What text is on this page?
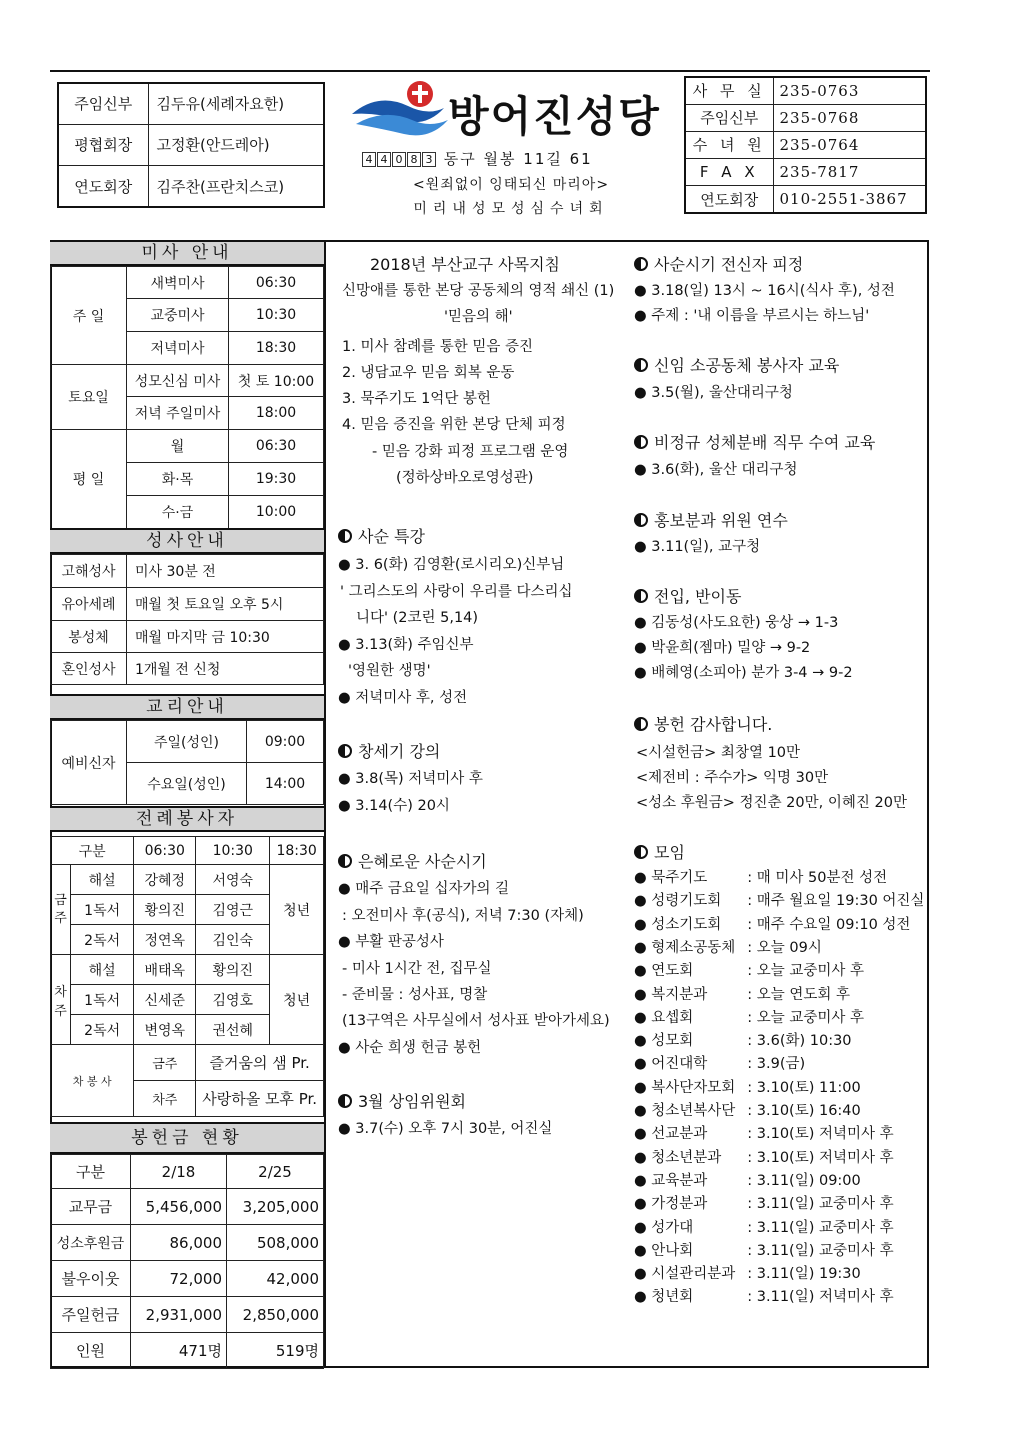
주임신부	김두유(세례자요한)
평협회장	고정환(안드레아)
연도회장	김주찬(프란치스코)
방어진성당
4 4 0 8 3 동구 월봉 11길 61
<원죄없이 잉태되신 마리아>
미리내성모성심수녀회
사 무 실	235-0763
주임신부	235-0768
수 녀 원	235-0764
F A X	235-7817
연도회장	010-2551-3867
미사 안내
주 일	새벽미사	06:30
	교중미사	10:30
	저녁미사	18:30
토요일	성모신심 미사	첫 토 10:00
	저녁 주일미사	18:00
평 일	월	06:30
	화·목	19:30
	수·금	10:00
성사안내
고해성사	미사 30분 전
유아세례	매월 첫 토요일 오후 5시
봉성체	매월 마지막 금 10:30
혼인성사	1개월 전 신청
교리안내
예비신자	주일(성인)	09:00
	수요일(성인)	14:00
전례봉사자
구분		06:30	10:30	18:30
금주	해설	강혜정	서영숙	청년
	1독서	황의진	김영근	
	2독서	정연옥	김인숙	
차주	해설	배태옥	황의진	청년
	1독서	신세준	김영호	
	2독서	변영옥	권선혜	
차 봉 사		금주	즐거움의 샘 Pr.	
		차주	사랑하올 모후 Pr.	
봉헌금 현황
구분	2/18	2/25
교무금	5,456,000	3,205,000
성소후원금	86,000	508,000
불우이웃	72,000	42,000
주일헌금	2,931,000	2,850,000
인원	471명	519명
2018년 부산교구 사목지침
신망애를 통한 본당 공동체의 영적 쇄신 (1)
'믿음의 해'
1. 미사 참례를 통한 믿음 증진
2. 냉담교우 믿음 회복 운동
3. 묵주기도 1억단 봉헌
4. 믿음 증진을 위한 본당 단체 피정
- 믿음 강화 피정 프로그램 운영
(정하상바오로영성관)
사순 특강
● 3. 6(화) 김영환(로시리오)신부님
' 그리스도의 사랑이 우리를 다스리십
니다' (2코린 5,14)
● 3.13(화) 주임신부
'영원한 생명'
● 저녁미사 후, 성전
창세기 강의
● 3.8(목) 저녁미사 후
● 3.14(수) 20시
은혜로운 사순시기
● 매주 금요일 십자가의 길
: 오전미사 후(공식), 저녁 7:30 (자체)
● 부활 판공성사
- 미사 1시간 전, 집무실
- 준비물 : 성사표, 명찰
(13구역은 사무실에서 성사표 받아가세요)
● 사순 희생 헌금 봉헌
3월 상임위원회
● 3.7(수) 오후 7시 30분, 어진실
사순시기 전신자 피정
● 3.18(일) 13시 ~ 16시(식사 후), 성전
● 주제 : '내 이름을 부르시는 하느님'
신임 소공동체 봉사자 교육
● 3.5(월), 울산대리구청
비정규 성체분배 직무 수여 교육
● 3.6(화), 울산 대리구청
홍보분과 위원 연수
● 3.11(일), 교구청
전입, 반이동
● 김동성(사도요한) 웅상 → 1-3
● 박윤희(젬마) 밀양 → 9-2
● 배혜영(소피아) 분가 3-4 → 9-2
봉헌 감사합니다.
<시설헌금> 최창열 10만
<제전비 : 주수가> 익명 30만
<성소 후원금> 정진춘 20만, 이혜진 20만
모임
● 묵주기도	: 매 미사 50분전 성전
● 성령기도회 : 매주 월요일 19:30 어진실
● 성소기도회 : 매주 수요일 09:10 성전
● 형제소공동체 : 오늘 09시
● 연도회	: 오늘 교중미사 후
● 복지분과	: 오늘 연도회 후
● 요셉회	: 오늘 교중미사 후
● 성모회	: 3.6(화) 10:30
● 어진대학	: 3.9(금)
● 복사단자모회 : 3.10(토) 11:00
● 청소년복사단 : 3.10(토) 16:40
● 선교분과	: 3.10(토) 저녁미사 후
● 청소년분과 : 3.10(토) 저녁미사 후
● 교육분과	: 3.11(일) 09:00
● 가정분과	: 3.11(일) 교중미사 후
● 성가대	: 3.11(일) 교중미사 후
● 안나회	: 3.11(일) 교중미사 후
● 시설관리분과 : 3.11(일) 19:30
● 청년회	: 3.11(일) 저녁미사 후
